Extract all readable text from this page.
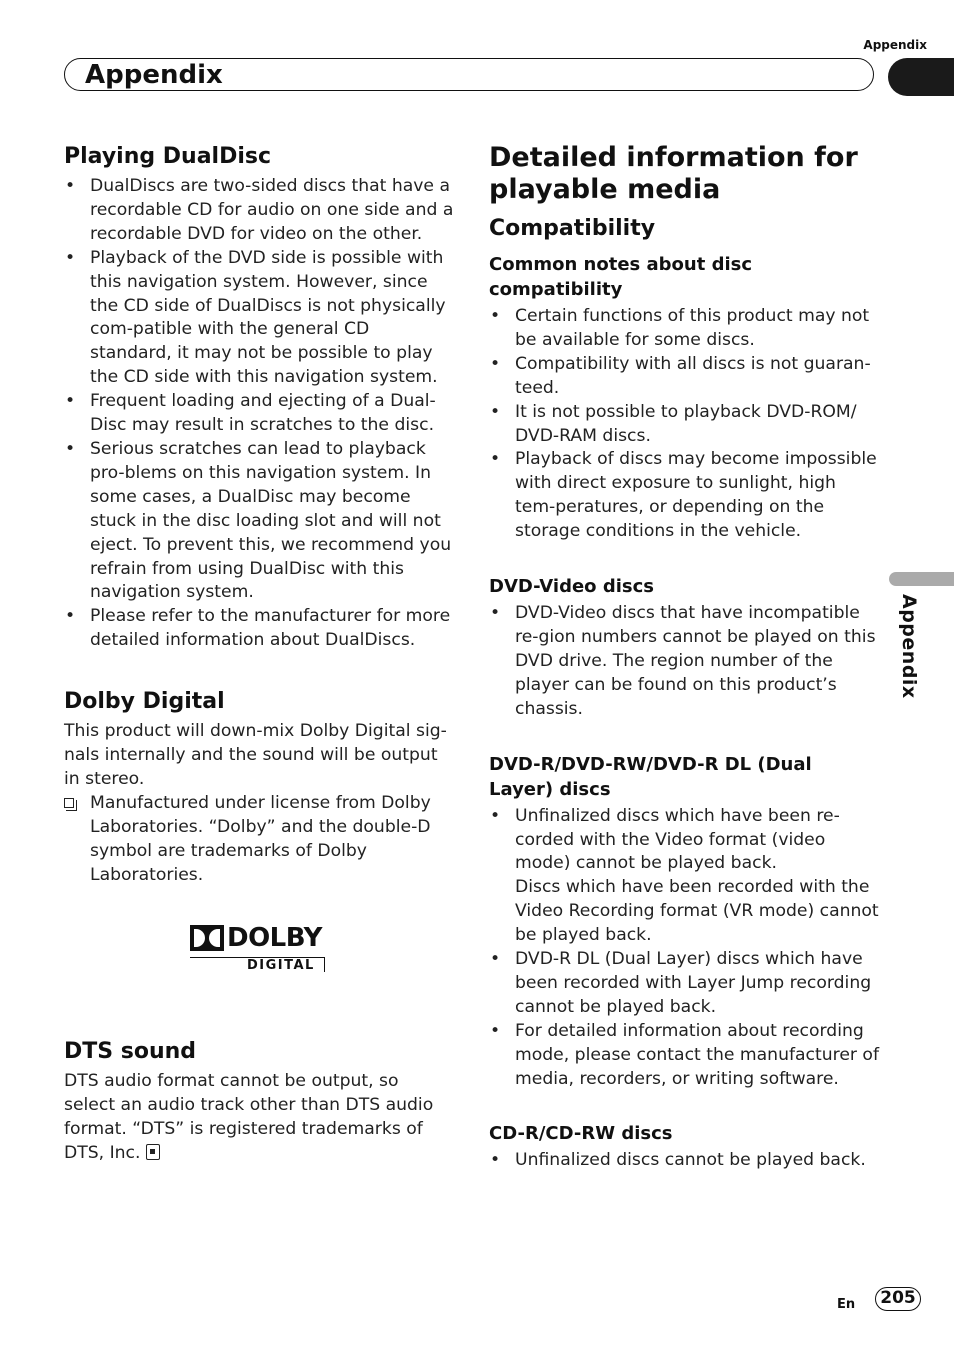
Appendix
Appendix
Appendix
Playing DualDisc
• DualDiscs are two-sided discs that have a recordable CD for audio on one side and a recordable DVD for video on the other.
• Playback of the DVD side is possible with this navigation system. However, since the CD side of DualDiscs is not physically com-patible with the general CD standard, it may not be possible to play the CD side with this navigation system.
• Frequent loading and ejecting of a Dual-Disc may result in scratches to the disc.
• Serious scratches can lead to playback pro-blems on this navigation system. In some cases, a DualDisc may become stuck in the disc loading slot and will not eject. To prevent this, we recommend you refrain from using DualDisc with this navigation system.
• Please refer to the manufacturer for more detailed information about DualDiscs.
Dolby Digital

This product will down-mix Dolby Digital sig-nals internally and the sound will be output in stereo.

Manufactured under license from Dolby Laboratories. “Dolby” and the double-D symbol are trademarks of Dolby Laboratories.
DOLBY
DIGITAL
DTS sound

DTS audio format cannot be output, so select an audio track other than DTS audio format. “DTS” is registered trademarks of DTS, Inc.

Detailed information for playable media
Compatibility
Common notes about disc compatibility
• Certain functions of this product may not be available for some discs.
• Compatibility with all discs is not guaran-teed.
• It is not possible to playback DVD-ROM/ DVD-RAM discs.
• Playback of discs may become impossible with direct exposure to sunlight, high tem-peratures, or depending on the storage conditions in the vehicle.
DVD-Video discs
• DVD-Video discs that have incompatible re-gion numbers cannot be played on this DVD drive. The region number of the player can be found on this product’s chassis.
DVD-R/DVD-RW/DVD-R DL (Dual Layer) discs
• Unfinalized discs which have been re-corded with the Video format (video mode) cannot be played back.
Discs which have been recorded with the Video Recording format (VR mode) cannot be played back.
• DVD-R DL (Dual Layer) discs which have been recorded with Layer Jump recording cannot be played back.
• For detailed information about recording mode, please contact the manufacturer of media, recorders, or writing software.
CD-R/CD-RW discs
• Unfinalized discs cannot be played back.
En	205
